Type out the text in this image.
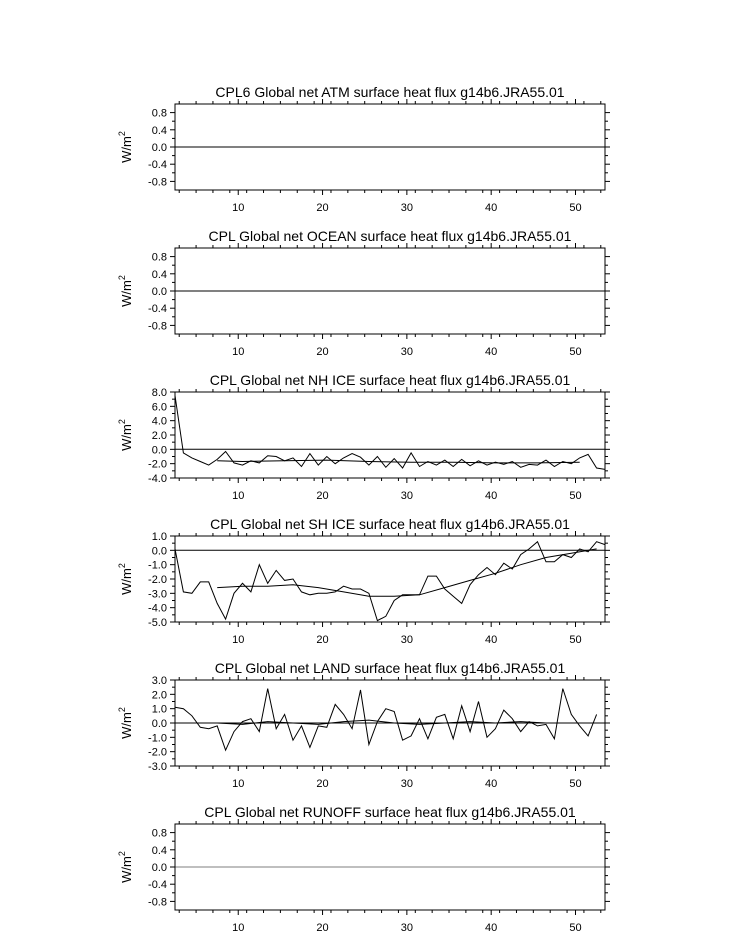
CPL6 Global net ATM surface heat flux g14b6.JRA55.01
10	20	30	40	50
0.8
0.4
0.0
-0.4
-0.8
$W/m^2$
CPL Global net OCEAN surface heat flux g14b6.JRA55.01
10	20	30	40	50
0.8
0.4
0.0
-0.4
-0.8
$W/m^2$
CPL Global net NH ICE surface heat flux g14b6.JRA55.01
10	20	30	40	50
8.0
6.0
4.0
2.0
0.0
-2.0
-4.0
$W/m^2$
CPL Global net SH ICE surface heat flux g14b6.JRA55.01
10	20	30	40	50
1.0
0.0
-1.0
-2.0
-3.0
-4.0
-5.0
$W/m^2$
CPL Global net LAND surface heat flux g14b6.JRA55.01
10	20	30	40	50
3.0
2.0
1.0
0.0
-1.0
-2.0
-3.0
$W/m^2$
CPL Global net RUNOFF surface heat flux g14b6.JRA55.01
10	20	30	40	50
0.8
0.4
0.0
-0.4
-0.8
$W/m^2$
